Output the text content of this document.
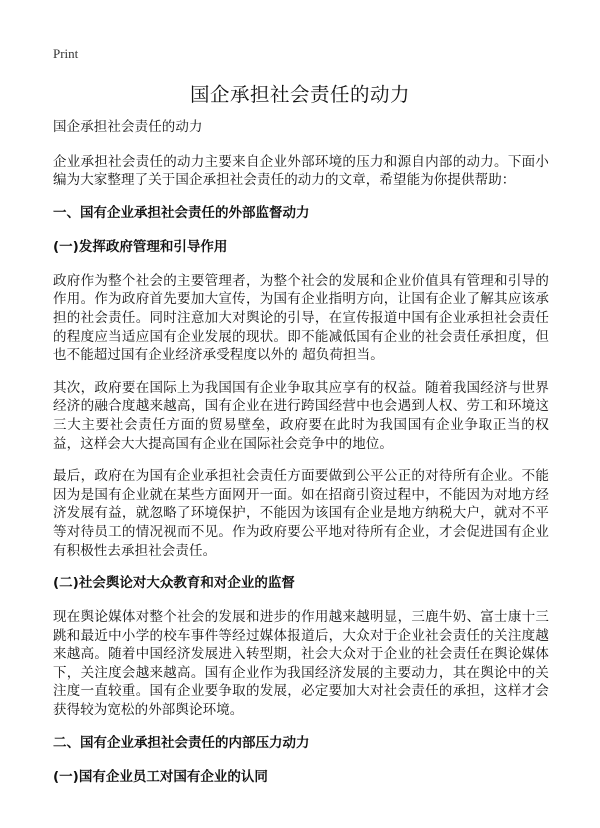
Print
国企承担社会责任的动力

国企承担社会责任的动力

企业承担社会责任的动力主要来自企业外部环境的压力和源自内部的动力。下面小编为大家整理了关于国企承担社会责任的动力的文章，希望能为你提供帮助：

一、国有企业承担社会责任的外部监督动力

(一)发挥政府管理和引导作用

政府作为整个社会的主要管理者，为整个社会的发展和企业价值具有管理和引导的作用。作为政府首先要加大宣传，为国有企业指明方向，让国有企业了解其应该承担的社会责任。同时注意加大对舆论的引导，在宣传报道中国有企业承担社会责任的程度应当适应国有企业发展的现状。即不能减低国有企业的社会责任承担度，但也不能超过国有企业经济承受程度以外的 超负荷担当。

其次，政府要在国际上为我国国有企业争取其应享有的权益。随着我国经济与世界经济的融合度越来越高，国有企业在进行跨国经营中也会遇到人权、劳工和环境这三大主要社会责任方面的贸易壁垒，政府要在此时为我国国有企业争取正当的权益，这样会大大提高国有企业在国际社会竞争中的地位。

最后，政府在为国有企业承担社会责任方面要做到公平公正的对待所有企业。不能因为是国有企业就在某些方面网开一面。如在招商引资过程中，不能因为对地方经济发展有益，就忽略了环境保护，不能因为该国有企业是地方纳税大户，就对不平等对待员工的情况视而不见。作为政府要公平地对待所有企业，才会促进国有企业有积极性去承担社会责任。

(二)社会舆论对大众教育和对企业的监督

现在舆论媒体对整个社会的发展和进步的作用越来越明显，三鹿牛奶、富士康十三跳和最近中小学的校车事件等经过媒体报道后，大众对于企业社会责任的关注度越来越高。随着中国经济发展进入转型期，社会大众对于企业的社会责任在舆论媒体下，关注度会越来越高。国有企业作为我国经济发展的主要动力，其在舆论中的关注度一直较重。国有企业要争取的发展，必定要加大对社会责任的承担，这样才会获得较为宽松的外部舆论环境。

二、国有企业承担社会责任的内部压力动力

(一)国有企业员工对国有企业的认同
